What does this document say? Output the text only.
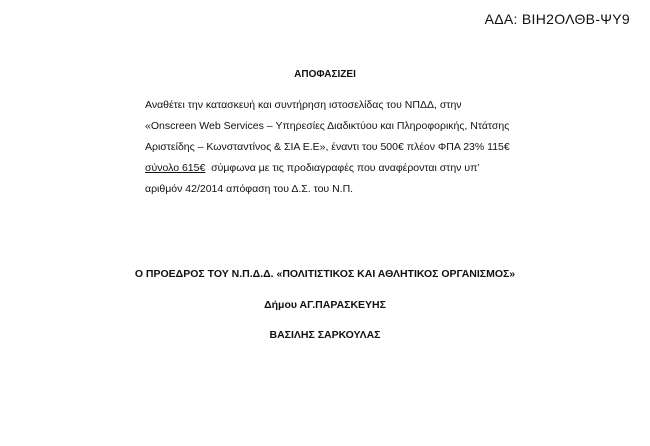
ΑΔΑ: ΒΙΗ2ΟΛΘΒ-ΨΥ9
ΑΠΟΦΑΣΙΖΕΙ
Αναθέτει την κατασκευή και συντήρηση ιστοσελίδας του ΝΠΔΔ, στην
«Onscreen Web Services – Υπηρεσίες Διαδικτύου και Πληροφορικής, Ντάτσης
Αριστείδης – Κωνσταντίνος & ΣΙΑ Ε.Ε», έναντι του 500€ πλέον ΦΠΑ 23% 115€
σύνολο 615€  σύμφωνα με τις προδιαγραφές που αναφέρονται στην υπ’
αριθμόν 42/2014 απόφαση του Δ.Σ. του Ν.Π.
Ο ΠΡΟΕΔΡΟΣ ΤΟΥ Ν.Π.Δ.Δ. «ΠΟΛΙΤΙΣΤΙΚΟΣ ΚΑΙ ΑΘΛΗΤΙΚΟΣ ΟΡΓΑΝΙΣΜΟΣ»
Δήμου ΑΓ.ΠΑΡΑΣΚΕΥΗΣ
ΒΑΣΙΛΗΣ ΣΑΡΚΟΥΛΑΣ
